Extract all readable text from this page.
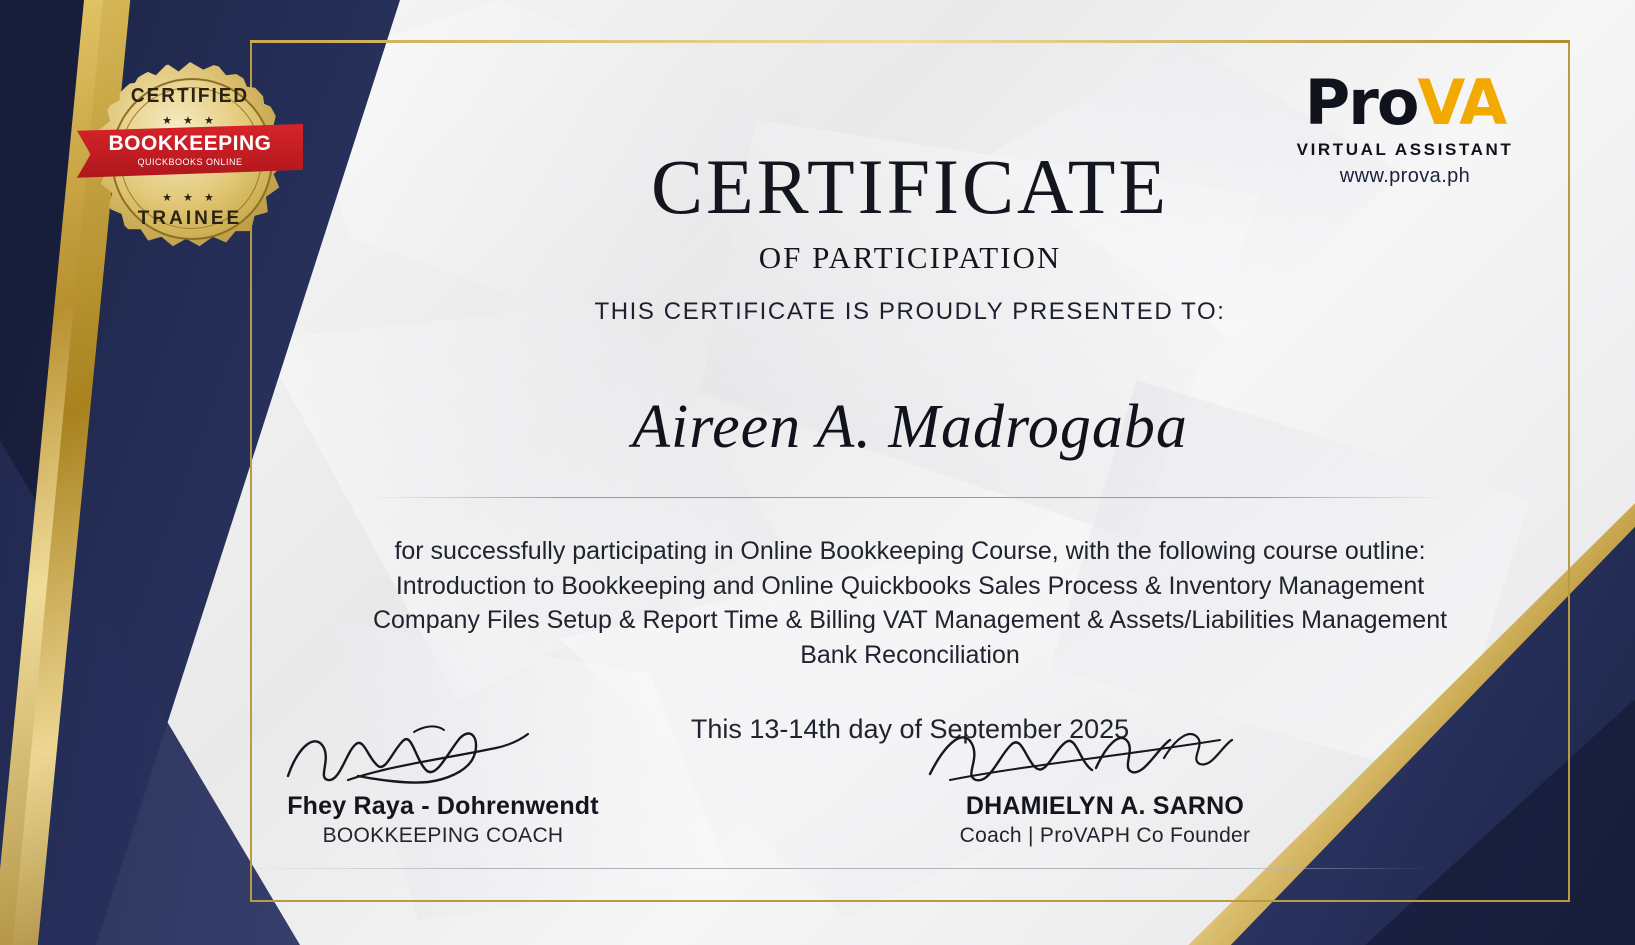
CERTIFIED
★ ★ ★
★ ★ ★
TRAINEE
BOOKKEEPING
QUICKBOOKS ONLINE
ProVA
VIRTUAL ASSISTANT
www.prova.ph
CERTIFICATE
OF PARTICIPATION
THIS CERTIFICATE IS PROUDLY PRESENTED TO:
Aireen A. Madrogaba
for successfully participating in Online Bookkeeping Course, with the following course outline:
Introduction to Bookkeeping and Online Quickbooks Sales Process & Inventory Management
Company Files Setup & Report Time & Billing VAT Management & Assets/Liabilities Management
Bank Reconciliation
This 13-14th day of September 2025
Fhey Raya - Dohrenwendt
BOOKKEEPING COACH
DHAMIELYN A. SARNO
Coach | ProVAPH Co Founder
